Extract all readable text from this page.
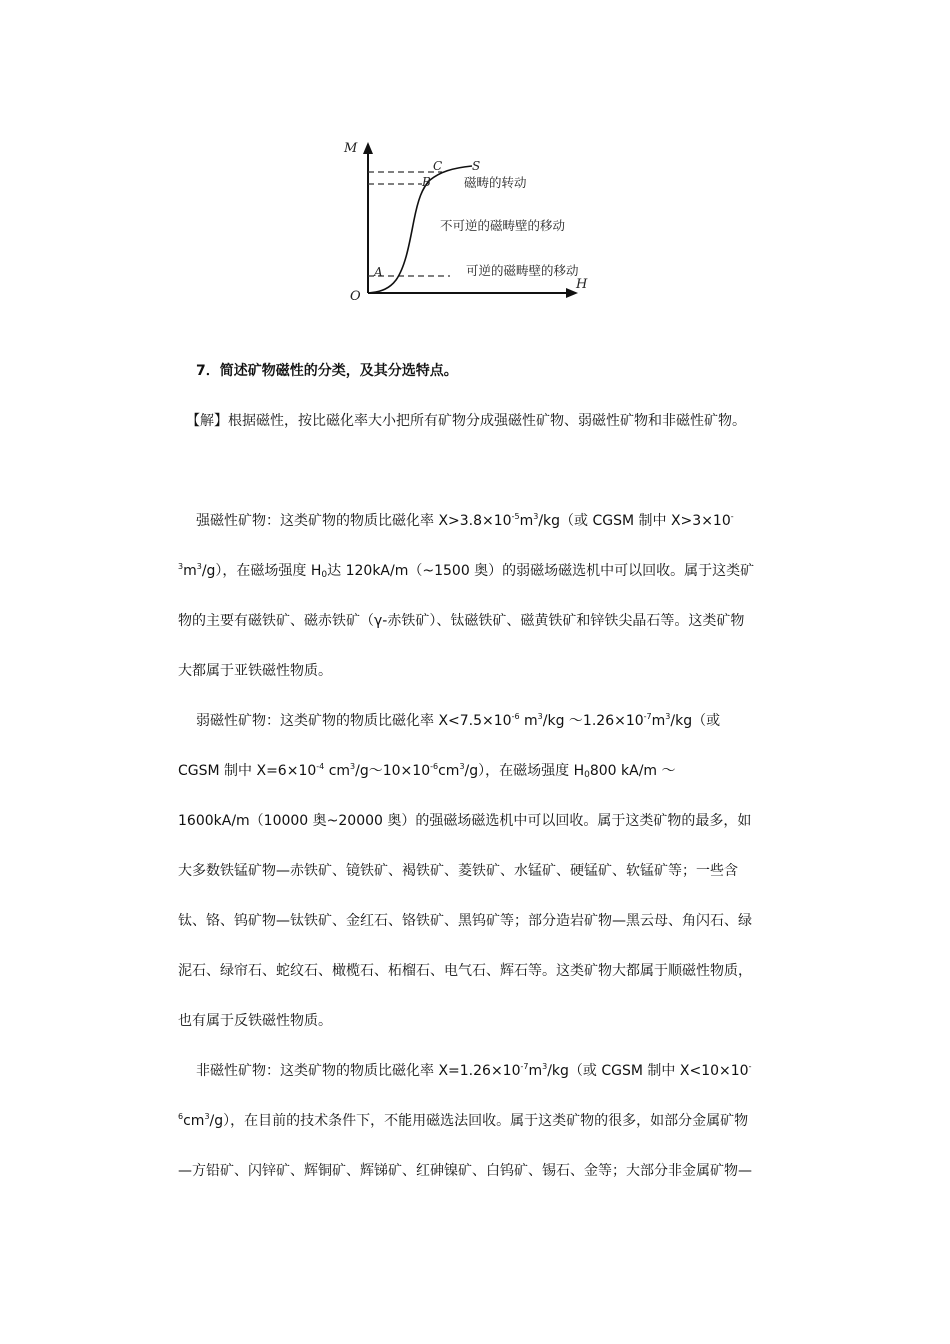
M
H
O
A
B
C S
磁畴的转动
不可逆的磁畴壁的移动
可逆的磁畴壁的移动
7．简述矿物磁性的分类，及其分选特点。
【解】根据磁性，按比磁化率大小把所有矿物分成强磁性矿物、弱磁性矿物和非磁性矿物。
强磁性矿物：这类矿物的物质比磁化率 $X>3.8\times 10^{-5}m^3/kg$（或 CGSM 制中 X>3×10-
$^3m^3/g$），在磁场强度 $H_0$达 120kA/m（~1500 奥）的弱磁场磁选机中可以回收。属于这类矿
物的主要有磁铁矿、磁赤铁矿（γ-赤铁矿）、钛磁铁矿、磁黄铁矿和锌铁尖晶石等。这类矿物
大都属于亚铁磁性物质。
弱磁性矿物：这类矿物的物质比磁化率 $X<7.5\times 10^{-6}$ $m^3/kg$ $\sim 1.26\times 10^{-7}m^3/kg$（或
CGSM 制中 $X=6\times 10^{-4}$ $cm^3/g\sim 10\times 10^{-6}cm^3/g$），在磁场强度 $H_0800$ kA/m ～
1600kA/m（10000 奥~20000 奥）的强磁场磁选机中可以回收。属于这类矿物的最多，如
大多数铁锰矿物—赤铁矿、镜铁矿、褐铁矿、菱铁矿、水锰矿、硬锰矿、软锰矿等；一些含
钛、铬、钨矿物—钛铁矿、金红石、铬铁矿、黑钨矿等；部分造岩矿物—黑云母、角闪石、绿
泥石、绿帘石、蛇纹石、橄榄石、柘榴石、电气石、辉石等。这类矿物大都属于顺磁性物质，
也有属于反铁磁性物质。
非磁性矿物：这类矿物的物质比磁化率 $X=1.26\times 10^{-7}m^3/kg$（或 CGSM 制中 X<10×10-
$^6cm^3/g$），在目前的技术条件下，不能用磁选法回收。属于这类矿物的很多，如部分金属矿物
—方铅矿、闪锌矿、辉铜矿、辉锑矿、红砷镍矿、白钨矿、锡石、金等；大部分非金属矿物—
